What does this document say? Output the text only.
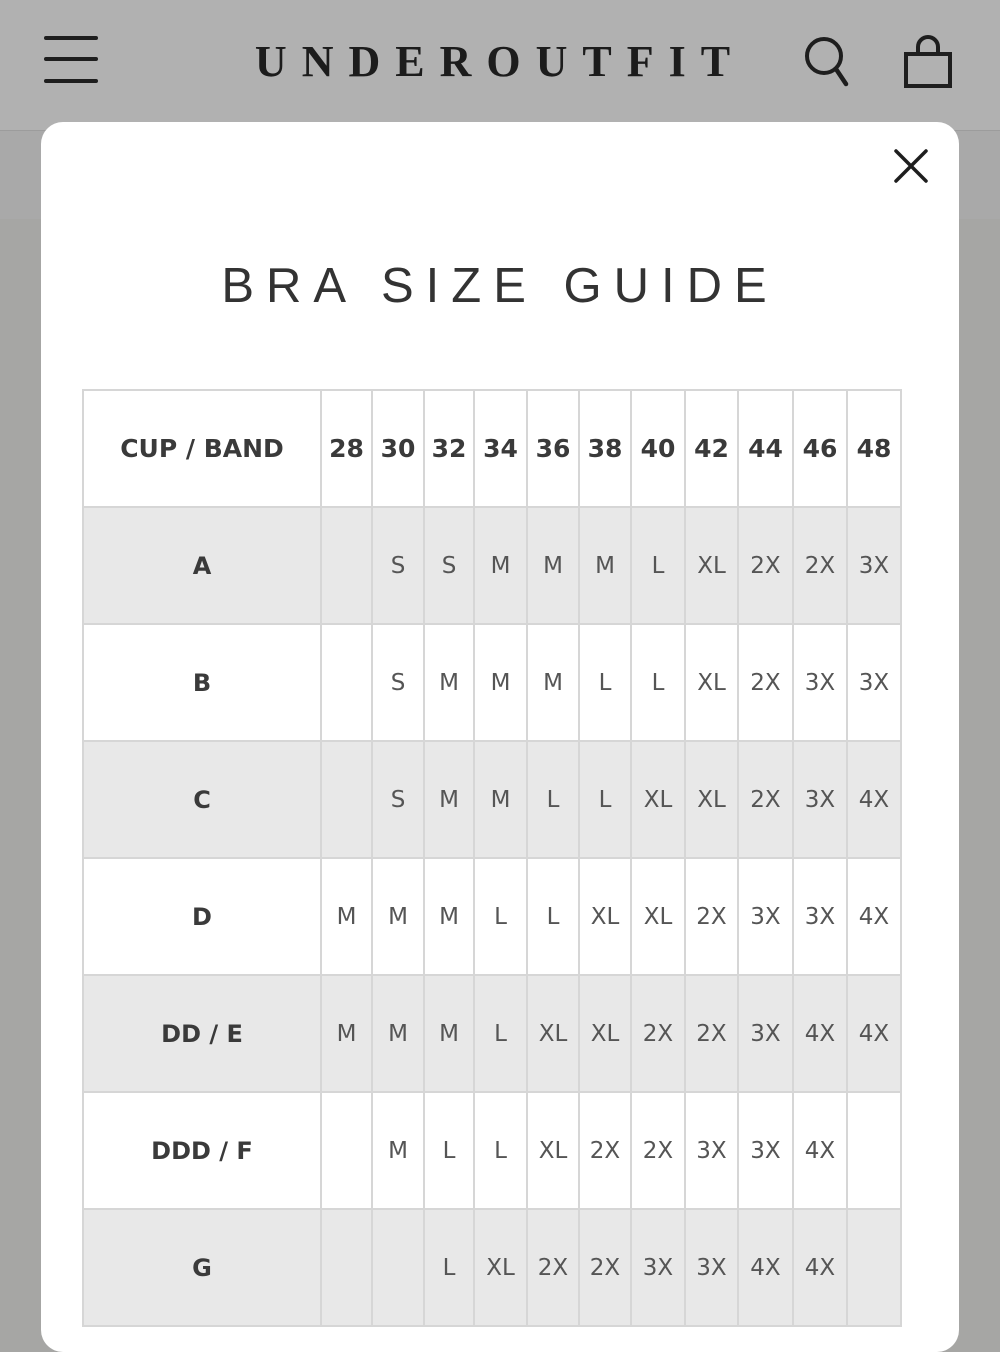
UNDEROUTFIT
BRA SIZE GUIDE
CUP / BAND	28	30	32	34	36	38	40	42	44	46	48
A		S	S	M	M	M	L	XL	2X	2X	3X
B		S	M	M	M	L	L	XL	2X	3X	3X
C		S	M	M	L	L	XL	XL	2X	3X	4X
D	M	M	M	L	L	XL	XL	2X	3X	3X	4X
DD / E	M	M	M	L	XL	XL	2X	2X	3X	4X	4X
DDD / F		M	L	L	XL	2X	2X	3X	3X	4X	
G			L	XL	2X	2X	3X	3X	4X	4X	
